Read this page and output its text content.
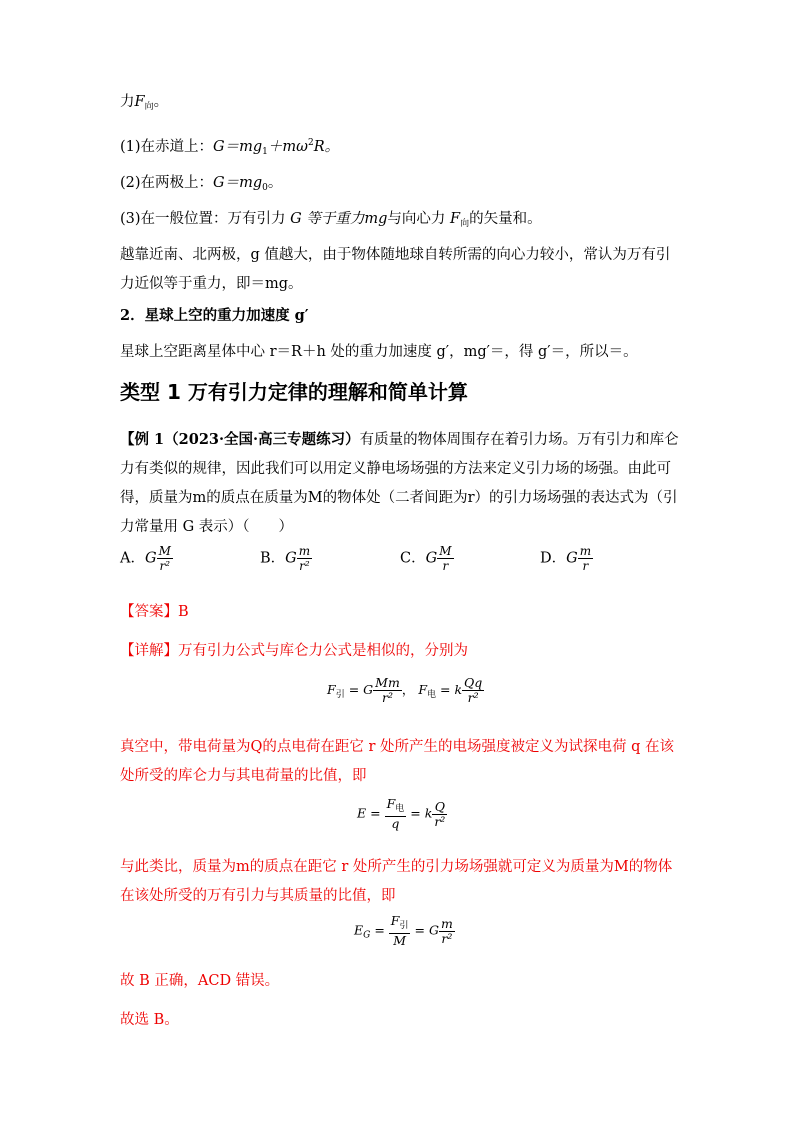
力$F_向$。
(1)在赤道上：$G=mg_1+m\omega^2R$。
(2)在两极上：$G=mg_0$。
(3)在一般位置：万有引力 G 等于重力mg与向心力 $F_向$的矢量和。
越靠近南、北两极，g 值越大，由于物体随地球自转所需的向心力较小，常认为万有引力近似等于重力，即＝mg。
2．星球上空的重力加速度 g′
星球上空距离星体中心 r＝R＋h 处的重力加速度 g′，mg′＝，得 g′＝，所以＝。
类型 1 万有引力定律的理解和简单计算
【例 1（2023·全国·高三专题练习）有质量的物体周围存在着引力场。万有引力和库仑力有类似的规律，因此我们可以用定义静电场场强的方法来定义引力场的场强。由此可得，质量为m的质点在质量为M的物体处（二者间距为r）的引力场场强的表达式为（引力常量用 G 表示）（　　）
A．G $\frac{M}{\text{r²}}$	B．G $\frac{m}{\text{r²}}$	C．G $\frac{M}{r}$	D．G $\frac{m}{r}$
【答案】B
【详解】万有引力公式与库仑力公式是相似的，分别为
$F_引 = G \frac{Mm}{\text{r²}}$ ， $F_电 = k \frac{Qq}{\text{r²}}$
真空中，带电荷量为Q的点电荷在距它 r 处所产生的电场强度被定义为试探电荷 q 在该处所受的库仑力与其电荷量的比值，即
$E = \frac{F_电}{q} = k \frac{Q}{\text{r²}}$
与此类比，质量为m的质点在距它 r 处所产生的引力场场强就可定义为质量为M的物体在该处所受的万有引力与其质量的比值，即
$E_G = \frac{F_引}{M} = G \frac{m}{\text{r²}}$
故 B 正确，ACD 错误。
故选 B。
